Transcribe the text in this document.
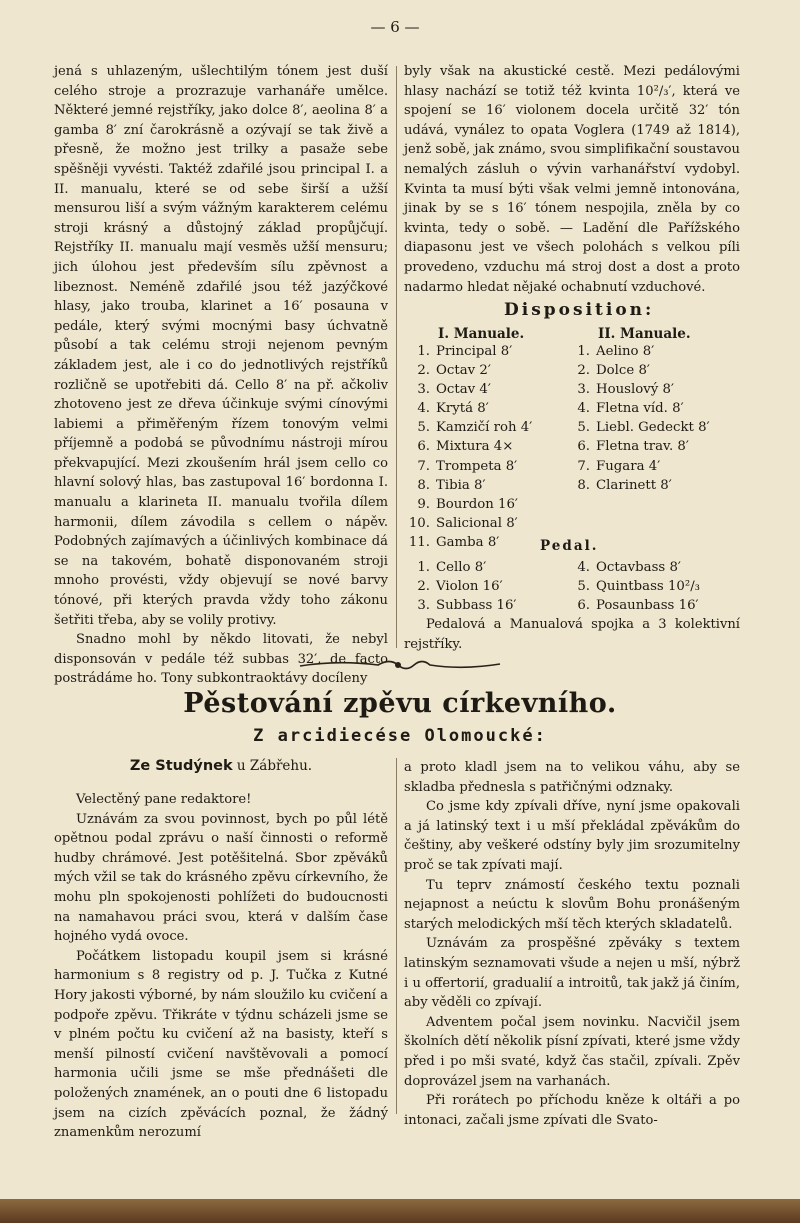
— 6 —

jená s uhlazeným, ušlechtilým tónem jest duší celého stroje a prozrazuje varhanáře umělce. Některé jemné rejstříky, jako dolce 8′, aeolina 8′ a gamba 8′ zní čarokrásně a ozývají se tak živě a přesně, že možno jest trilky a pasaže sebe spěšněji vyvésti. Taktéž zdařilé jsou principal I. a II. manualu, které se od sebe širší a užší mensurou liší a svým vážným karakterem celému stroji krásný a důstojný základ propůjčují. Rejstříky II. manualu mají vesměs užší mensuru; jich úlohou jest především sílu zpěvnost a libeznost. Neméně zdařilé jsou též jazýčkové hlasy, jako trouba, klarinet a 16′ posauna v pedále, který svými mocnými basy úchvatně působí a tak celému stroji nejenom pevným základem jest, ale i co do jednotlivých rejstříků rozličně se upotřebiti dá. Cello 8′ na př. ačkoliv zhotoveno jest ze dřeva účinkuje svými cínovými labiemi a přiměřeným řízem tonovým velmi příjemně a podobá se původnímu nástroji mírou překvapující. Mezi zkoušením hrál jsem cello co hlavní solový hlas, bas zastupoval 16′ bordonna I. manualu a klarineta II. manualu tvořila dílem harmonii, dílem závodila s cellem o nápěv. Podobných zajímavých a účinlivých kombinace dá se na takovém, bohatě disponovaném stroji mnoho provésti, vždy objevují se nové barvy tónové, při kterých pravda vždy toho zákonu šetřiti třeba, aby se volily protivy.

Snadno mohl by někdo litovati, že nebyl disponsován v pedále též subbas 32′, de facto postrádáme ho. Tony subkontraoktávy docíleny

byly však na akustické cestě. Mezi pedálovými hlasy nachází se totiž též kvinta 10²/₃′, která ve spojení se 16′ violonem docela určitě 32′ tón udává, vynález to opata Voglera (1749 až 1814), jenž sobě, jak známo, svou simplifikační soustavou nemalých zásluh o vývin varhanářství vydobyl. Kvinta ta musí býti však velmi jemně intonována, jinak by se s 16′ tónem nespojila, zněla by co kvinta, tedy o sobě. — Ladění dle Pařížského diapasonu jest ve všech polohách s velkou píli provedeno, vzduchu má stroj dost a dost a proto nadarmo hledat nějaké ochabnutí vzduchové.

Disposition:
I. Manuale.	II. Manuale.
1. Principal 8′
2. Octav 2′
3. Octav 4′
4. Krytá 8′
5. Kamzičí roh 4′
6. Mixtura 4×
7. Trompeta 8′
8. Tibia 8′
9. Bourdon 16′
10. Salicional 8′
11. Gamba 8′
1. Aelino 8′
2. Dolce 8′
3. Houslový 8′
4. Fletna víd. 8′
5. Liebl. Gedeckt 8′
6. Fletna trav. 8′
7. Fugara 4′
8. Clarinett 8′
Pedal.
1. Cello 8′
2. Violon 16′
3. Subbass 16′
4. Octavbass 8′
5. Quintbass 10²/₃
6. Posaunbass 16′
Pedalová a Manualová spojka a 3 kolektivní rejstříky.
Pěstování zpěvu církevního.
Z arcidiecése Olomoucké:
Ze Studýnek u Zábřehu.

Velectěný pane redaktore!

Uznávám za svou povinnost, bych po půl létě opětnou podal zprávu o naší činnosti o reformě hudby chrámové. Jest potěšitelná. Sbor zpěváků mých vžil se tak do krásného zpěvu církevního, že mohu pln spokojenosti pohlížeti do budoucnosti na namahavou práci svou, která v dalším čase hojného vydá ovoce.

Počátkem listopadu koupil jsem si krásné harmonium s 8 registry od p. J. Tučka z Kutné Hory jakosti výborné, by nám sloužilo ku cvičení a podpoře zpěvu. Třikráte v týdnu scházeli jsme se v plném počtu ku cvičení až na basisty, kteří s menší pilností cvičení navštěvovali a pomocí harmonia učili jsme se mše přednášeti dle položených znamének, an o pouti dne 6 listopadu jsem na cizích zpěvácích poznal, že žádný znamenkům nerozumí

a proto kladl jsem na to velikou váhu, aby se skladba přednesla s patřičnými odznaky.

Co jsme kdy zpívali dříve, nyní jsme opakovali a já latinský text i u mší překládal zpěvákům do češtiny, aby veškeré odstíny byly jim srozumitelny proč se tak zpívati mají.

Tu teprv známostí českého textu poznali nejapnost a neúctu k slovům Bohu pronášeným starých melodických mší těch kterých skladatelů.

Uznávám za prospěšné zpěváky s textem latinským seznamovati všude a nejen u mší, nýbrž i u offertorií, gradualií a introitů, tak jakž já činím, aby věděli co zpívají.

Adventem počal jsem novinku. Nacvičil jsem školních dětí několik písní zpívati, které jsme vždy před i po mši svaté, když čas stačil, zpívali. Zpěv doprovázel jsem na varhanách.

Při rorátech po příchodu kněze k oltáři a po intonaci, začali jsme zpívati dle Svato-
